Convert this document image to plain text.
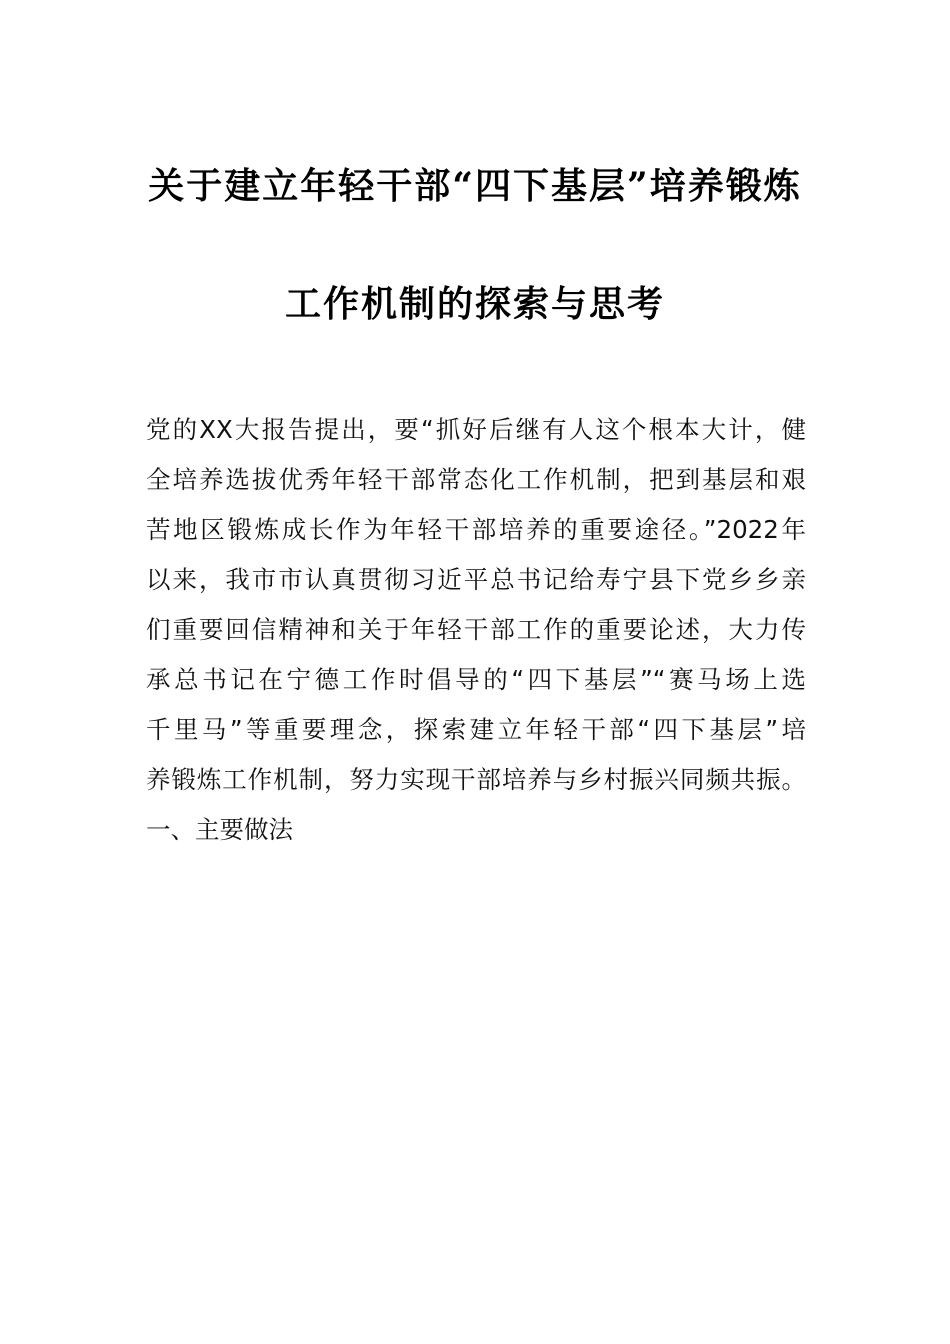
关于建立年轻干部“四下基层”培养锻炼
工作机制的探索与思考
党的XX大报告提出，要“抓好后继有人这个根本大计，健
全培养选拔优秀年轻干部常态化工作机制，把到基层和艰
苦地区锻炼成长作为年轻干部培养的重要途径。”2022年
以来，我市市认真贯彻习近平总书记给寿宁县下党乡乡亲
们重要回信精神和关于年轻干部工作的重要论述，大力传
承总书记在宁德工作时倡导的“四下基层”“赛马场上选
千里马”等重要理念，探索建立年轻干部“四下基层”培
养锻炼工作机制，努力实现干部培养与乡村振兴同频共振。
一、主要做法
